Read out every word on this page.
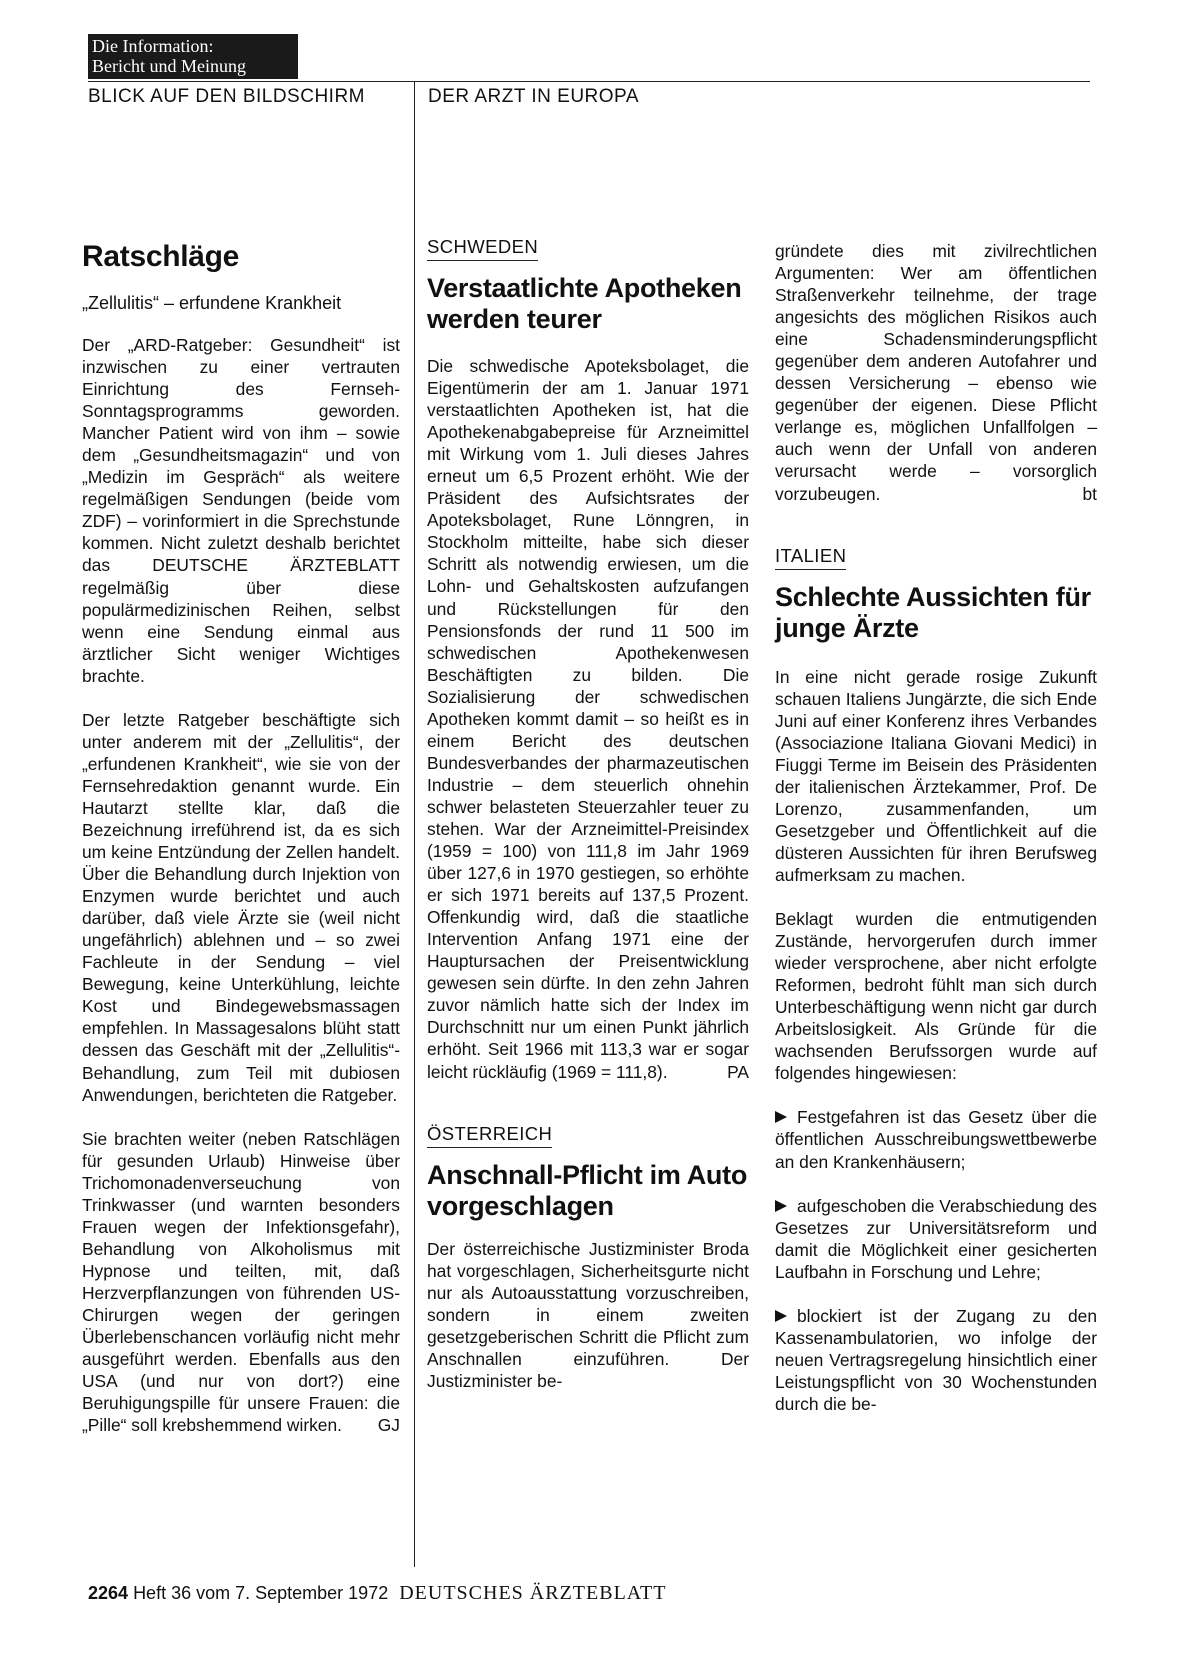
Die Information:
Bericht und Meinung
BLICK AUF DEN BILDSCHIRM	DER ARZT IN EUROPA
Ratschläge
„Zellulitis“ – erfundene Krankheit

Der „ARD-Ratgeber: Gesundheit“ ist inzwischen zu einer vertrauten Einrichtung des Fernseh-Sonntagsprogramms geworden. Mancher Patient wird von ihm – sowie dem „Gesundheitsmagazin“ und von „Medizin im Gespräch“ als weitere regelmäßigen Sendungen (beide vom ZDF) – vorinformiert in die Sprechstunde kommen. Nicht zuletzt deshalb berichtet das DEUTSCHE ÄRZTEBLATT regelmäßig über diese populärmedizinischen Reihen, selbst wenn eine Sendung einmal aus ärztlicher Sicht weniger Wichtiges brachte.

Der letzte Ratgeber beschäftigte sich unter anderem mit der „Zellulitis“, der „erfundenen Krankheit“, wie sie von der Fernsehredaktion genannt wurde. Ein Hautarzt stellte klar, daß die Bezeichnung irreführend ist, da es sich um keine Entzündung der Zellen handelt. Über die Behandlung durch Injektion von Enzymen wurde berichtet und auch darüber, daß viele Ärzte sie (weil nicht ungefährlich) ablehnen und – so zwei Fachleute in der Sendung – viel Bewegung, keine Unterkühlung, leichte Kost und Bindegewebsmassagen empfehlen. In Massagesalons blüht statt dessen das Geschäft mit der „Zellulitis“-Behandlung, zum Teil mit dubiosen Anwendungen, berichteten die Ratgeber.

Sie brachten weiter (neben Ratschlägen für gesunden Urlaub) Hinweise über Trichomonadenverseuchung von Trinkwasser (und warnten besonders Frauen wegen der Infektionsgefahr), Behandlung von Alkoholismus mit Hypnose und teilten, mit, daß Herzverpflanzungen von führenden US-Chirurgen wegen der geringen Überlebenschancen vorläufig nicht mehr ausgeführt werden. Ebenfalls aus den USA (und nur von dort?) eine Beruhigungspille für unsere Frauen: die „Pille“ soll krebshemmend wirken.	GJ
SCHWEDEN
Verstaatlichte Apotheken werden teurer

Die schwedische Apoteksbolaget, die Eigentümerin der am 1. Januar 1971 verstaatlichten Apotheken ist, hat die Apothekenabgabepreise für Arzneimittel mit Wirkung vom 1. Juli dieses Jahres erneut um 6,5 Prozent erhöht. Wie der Präsident des Aufsichtsrates der Apoteksbolaget, Rune Lönngren, in Stockholm mitteilte, habe sich dieser Schritt als notwendig erwiesen, um die Lohn- und Gehaltskosten aufzufangen und Rückstellungen für den Pensionsfonds der rund 11 500 im schwedischen Apothekenwesen Beschäftigten zu bilden. Die Sozialisierung der schwedischen Apotheken kommt damit – so heißt es in einem Bericht des deutschen Bundesverbandes der pharmazeutischen Industrie – dem steuerlich ohnehin schwer belasteten Steuerzahler teuer zu stehen. War der Arzneimittel-Preisindex (1959 = 100) von 111,8 im Jahr 1969 über 127,6 in 1970 gestiegen, so erhöhte er sich 1971 bereits auf 137,5 Prozent. Offenkundig wird, daß die staatliche Intervention Anfang 1971 eine der Hauptursachen der Preisentwicklung gewesen sein dürfte. In den zehn Jahren zuvor nämlich hatte sich der Index im Durchschnitt nur um einen Punkt jährlich erhöht. Seit 1966 mit 113,3 war er sogar leicht rückläufig (1969 = 111,8).	PA
ÖSTERREICH
Anschnall-Pflicht im Auto vorgeschlagen

Der österreichische Justizminister Broda hat vorgeschlagen, Sicherheitsgurte nicht nur als Autoausstattung vorzuschreiben, sondern in einem zweiten gesetzgeberischen Schritt die Pflicht zum Anschnallen einzuführen. Der Justizminister be-

gründete dies mit zivilrechtlichen Argumenten: Wer am öffentlichen Straßenverkehr teilnehme, der trage angesichts des möglichen Risikos auch eine Schadensminderungspflicht gegenüber dem anderen Autofahrer und dessen Versicherung – ebenso wie gegenüber der eigenen. Diese Pflicht verlange es, möglichen Unfallfolgen – auch wenn der Unfall von anderen verursacht werde – vorsorglich vorzubeugen.	bt
ITALIEN
Schlechte Aussichten für junge Ärzte

In eine nicht gerade rosige Zukunft schauen Italiens Jungärzte, die sich Ende Juni auf einer Konferenz ihres Verbandes (Associazione Italiana Giovani Medici) in Fiuggi Terme im Beisein des Präsidenten der italienischen Ärztekammer, Prof. De Lorenzo, zusammenfanden, um Gesetzgeber und Öffentlichkeit auf die düsteren Aussichten für ihren Berufsweg aufmerksam zu machen.

Beklagt wurden die entmutigenden Zustände, hervorgerufen durch immer wieder versprochene, aber nicht erfolgte Reformen, bedroht fühlt man sich durch Unterbeschäftigung wenn nicht gar durch Arbeitslosigkeit. Als Gründe für die wachsenden Berufssorgen wurde auf folgendes hingewiesen:

Festgefahren ist das Gesetz über die öffentlichen Ausschreibungswettbewerbe an den Krankenhäusern;

aufgeschoben die Verabschiedung des Gesetzes zur Universitätsreform und damit die Möglichkeit einer gesicherten Laufbahn in Forschung und Lehre;

blockiert ist der Zugang zu den Kassenambulatorien, wo infolge der neuen Vertragsregelung hinsichtlich einer Leistungspflicht von 30 Wochenstunden durch die be-

2264 Heft 36 vom 7. September 1972 DEUTSCHES ÄRZTEBLATT
